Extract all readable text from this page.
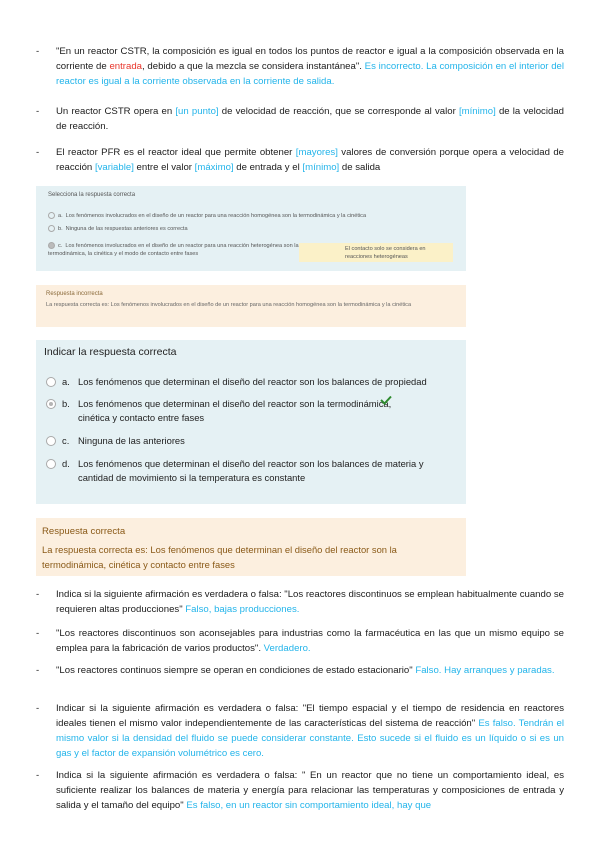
- "En un reactor CSTR, la composición es igual en todos los puntos de reactor e igual a la composición observada en la corriente de entrada, debido a que la mezcla se considera instantánea". Es incorrecto. La composición en el interior del reactor es igual a la corriente observada en la corriente de salida.
- Un reactor CSTR opera en [un punto] de velocidad de reacción, que se corresponde al valor [mínimo] de la velocidad de reacción.
- El reactor PFR es el reactor ideal que permite obtener [mayores] valores de conversión porque opera a velocidad de reacción [variable] entre el valor [máximo] de entrada y el [mínimo] de salida
Selecciona la respuesta correcta
a. Los fenómenos involucrados en el diseño de un reactor para una reacción homogénea son la termodinámica y la cinética
b. Ninguna de las respuestas anteriores es correcta
c. Los fenómenos involucrados en el diseño de un reactor para una reacción heterogénea son la termodinámica, la cinética y el modo de contacto entre fases
El contacto solo se considera en reacciones heterogéneas
Respuesta incorrecta
La respuesta correcta es: Los fenómenos involucrados en el diseño de un reactor para una reacción homogénea son la termodinámica y la cinética
Indicar la respuesta correcta
a. Los fenómenos que determinan el diseño del reactor son los balances de propiedad
b. Los fenómenos que determinan el diseño del reactor son la termodinámica, cinética y contacto entre fases
c. Ninguna de las anteriores
d. Los fenómenos que determinan el diseño del reactor son los balances de materia y cantidad de movimiento si la temperatura es constante
Respuesta correcta
La respuesta correcta es: Los fenómenos que determinan el diseño del reactor son la termodinámica, cinética y contacto entre fases
- Indica si la siguiente afirmación es verdadera o falsa: "Los reactores discontinuos se emplean habitualmente cuando se requieren altas producciones" Falso, bajas producciones.
- "Los reactores discontinuos son aconsejables para industrias como la farmacéutica en las que un mismo equipo se emplea para la fabricación de varios productos". Verdadero.
- "Los reactores continuos siempre se operan en condiciones de estado estacionario" Falso. Hay arranques y paradas.
- Indicar si la siguiente afirmación es verdadera o falsa: "El tiempo espacial y el tiempo de residencia en reactores ideales tienen el mismo valor independientemente de las características del sistema de reacción" Es falso. Tendrán el mismo valor si la densidad del fluido se puede considerar constante. Esto sucede si el fluido es un líquido o si es un gas y el factor de expansión volumétrico es cero.
- Indica si la siguiente afirmación es verdadera o falsa: " En un reactor que no tiene un comportamiento ideal, es suficiente realizar los balances de materia y energía para relacionar las temperaturas y composiciones de entrada y salida y el tamaño del equipo" Es falso, en un reactor sin comportamiento ideal, hay que
